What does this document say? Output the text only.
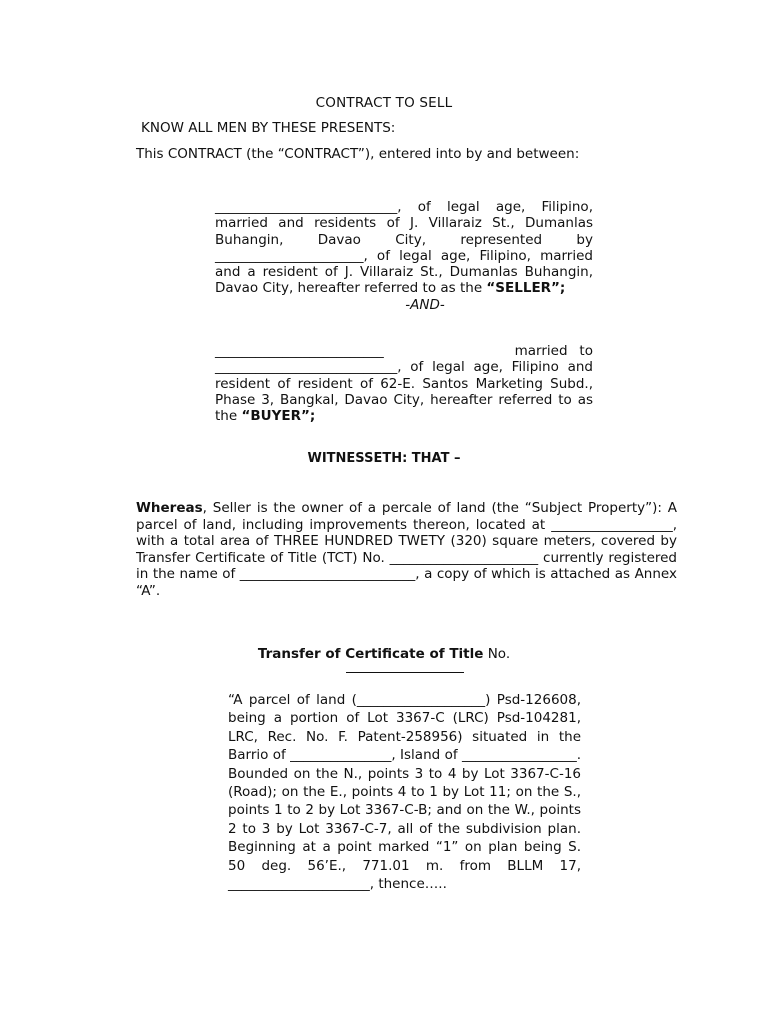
CONTRACT TO SELL
KNOW ALL MEN BY THESE PRESENTS:
This CONTRACT (the “CONTRACT”), entered into by and between:

___________________________, of legal age, Filipino, married and residents of J. Villaraiz St., Dumanlas Buhangin, Davao City, represented by ______________________, of legal age, Filipino, married and a resident of J. Villaraiz St., Dumanlas Buhangin, Davao City, hereafter referred to as the “SELLER”;

-AND-

_________________________	married to ___________________________, of legal age, Filipino and resident of resident of 62-E. Santos Marketing Subd., Phase 3, Bangkal, Davao City, hereafter referred to as the “BUYER”;

WITNESSETH: THAT –

Whereas, Seller is the owner of a percale of land (the “Subject Property”): A parcel of land, including improvements thereon, located at __________________, with a total area of THREE HUNDRED TWETY (320) square meters, covered by Transfer Certificate of Title (TCT) No. ______________________ currently registered in the name of __________________________, a copy of which is attached as Annex “A”.

Transfer of Certificate of Title No.

“A parcel of land (___________________) Psd-126608, being a portion of Lot 3367-C (LRC) Psd-104281, LRC, Rec. No. F. Patent-258956) situated in the Barrio of _______________, Island of _________________. Bounded on the N., points 3 to 4 by Lot 3367-C-16 (Road); on the E., points 4 to 1 by Lot 11; on the S., points 1 to 2 by Lot 3367-C-B; and on the W., points 2 to 3 by Lot 3367-C-7, all of the subdivision plan. Beginning at a point marked “1” on plan being S. 50 deg. 56’E., 771.01 m. from BLLM 17, _____________________, thence…..
